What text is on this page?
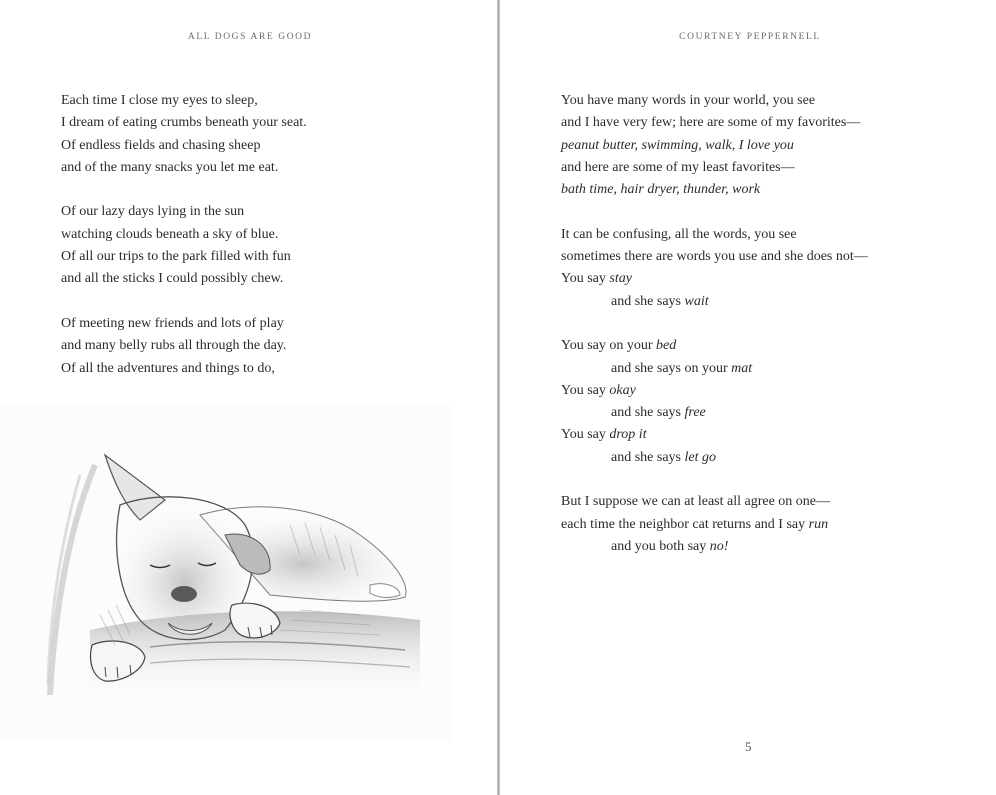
ALL DOGS ARE GOOD
Each time I close my eyes to sleep,
I dream of eating crumbs beneath your seat.
Of endless fields and chasing sheep
and of the many snacks you let me eat.
Of our lazy days lying in the sun
watching clouds beneath a sky of blue.
Of all our trips to the park filled with fun
and all the sticks I could possibly chew.
Of meeting new friends and lots of play
and many belly rubs all through the day.
Of all the adventures and things to do,
COURTNEY PEPPERNELL
You have many words in your world, you see
and I have very few; here are some of my favorites—
peanut butter, swimming, walk, I love you
and here are some of my least favorites—
bath time, hair dryer, thunder, work
It can be confusing, all the words, you see
sometimes there are words you use and she does not—
You say stay
and she says wait
You say on your bed
and she says on your mat
You say okay
and she says free
You say drop it
and she says let go
But I suppose we can at least all agree on one—
each time the neighbor cat returns and I say run
and you both say no!
5
